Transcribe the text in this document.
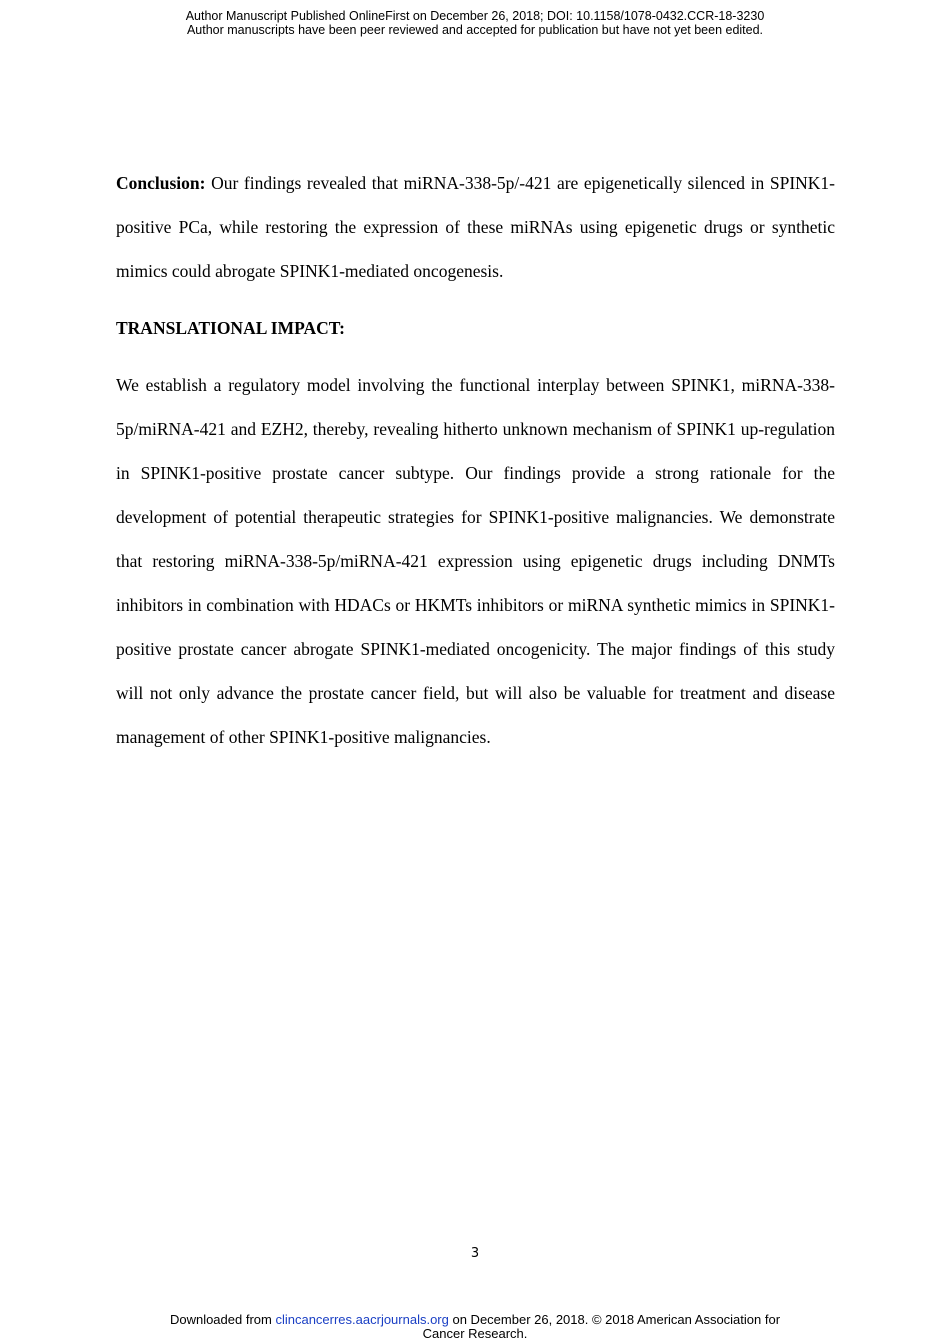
Author Manuscript Published OnlineFirst on December 26, 2018; DOI: 10.1158/1078-0432.CCR-18-3230
Author manuscripts have been peer reviewed and accepted for publication but have not yet been edited.

Conclusion: Our findings revealed that miRNA-338-5p/-421 are epigenetically silenced in SPINK1-positive PCa, while restoring the expression of these miRNAs using epigenetic drugs or synthetic mimics could abrogate SPINK1-mediated oncogenesis.

TRANSLATIONAL IMPACT:

We establish a regulatory model involving the functional interplay between SPINK1, miRNA-338-5p/miRNA-421 and EZH2, thereby, revealing hitherto unknown mechanism of SPINK1 up-regulation in SPINK1-positive prostate cancer subtype. Our findings provide a strong rationale for the development of potential therapeutic strategies for SPINK1-positive malignancies. We demonstrate that restoring miRNA-338-5p/miRNA-421 expression using epigenetic drugs including DNMTs inhibitors in combination with HDACs or HKMTs inhibitors or miRNA synthetic mimics in SPINK1-positive prostate cancer abrogate SPINK1-mediated oncogenicity. The major findings of this study will not only advance the prostate cancer field, but will also be valuable for treatment and disease management of other SPINK1-positive malignancies.

3
Downloaded from clincancerres.aacrjournals.org on December 26, 2018. © 2018 American Association for
Cancer Research.
